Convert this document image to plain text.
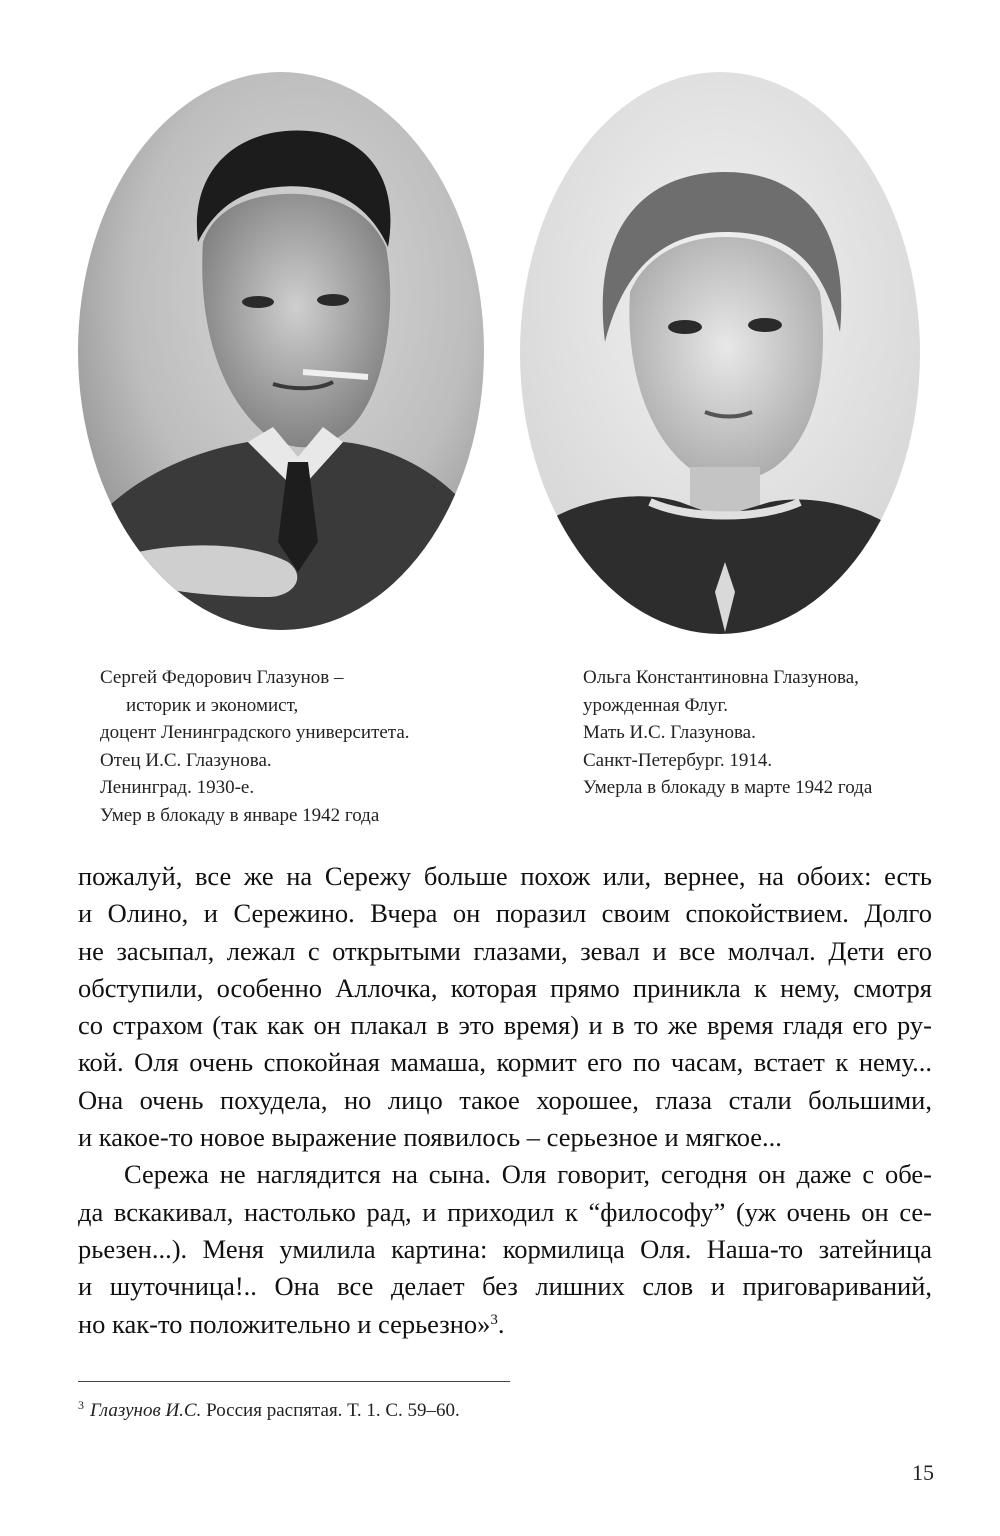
Сергей Федорович Глазунов –
историк и экономист,
доцент Ленинградского университета.
Отец И.С. Глазунова.
Ленинград. 1930-е.
Умер в блокаду в январе 1942 года
Ольга Константиновна Глазунова,
урожденная Флуг.
Мать И.С. Глазунова.
Санкт-Петербург. 1914.
Умерла в блокаду в марте 1942 года

пожалуй, все же на Сережу больше похож или, вернее, на обоих: есть
и Олино, и Сережино. Вчера он поразил своим спокойствием. Долго
не засыпал, лежал с открытыми глазами, зевал и все молчал. Дети его
обступили, особенно Аллочка, которая прямо приникла к нему, смотря
со страхом (так как он плакал в это время) и в то же время гладя его ру-
кой. Оля очень спокойная мамаша, кормит его по часам, встает к нему...
Она очень похудела, но лицо такое хорошее, глаза стали большими,
и какое-то новое выражение появилось – серьезное и мягкое...

Сережа не наглядится на сына. Оля говорит, сегодня он даже с обе-
да вскакивал, настолько рад, и приходил к “философу” (уж очень он се-
рьезен...). Меня умилила картина: кормилица Оля. Наша-то затейница
и шуточница!.. Она все делает без лишних слов и приговариваний,
но как-то положительно и серьезно»$^3$.

$^3$ Глазунов И.С. Россия распятая. Т. 1. С. 59–60.
15
